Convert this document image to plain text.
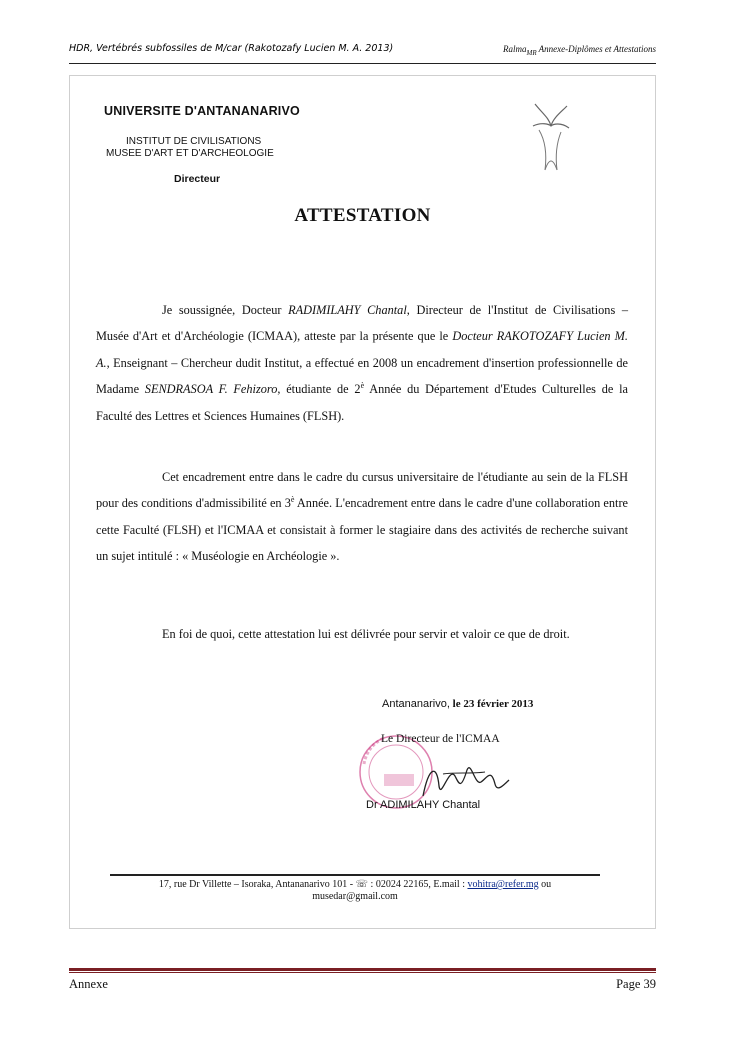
HDR, Vertébrés subfossiles de M/car (Rakotozafy Lucien M. A. 2013)	Ralma$_{MR}$ Annexe-Diplômes et Attestations
UNIVERSITE D'ANTANANARIVO
INSTITUT DE CIVILISATIONS
MUSEE D'ART ET D'ARCHEOLOGIE
Directeur
ATTESTATION

Je soussignée, Docteur RADIMILAHY Chantal, Directeur de l'Institut de Civilisations – Musée d'Art et d'Archéologie (ICMAA), atteste par la présente que le Docteur RAKOTOZAFY Lucien M. A., Enseignant – Chercheur dudit Institut, a effectué en 2008 un encadrement d'insertion professionnelle de Madame SENDRASOA F. Fehizoro, étudiante de $2^è$ Année du Département d'Etudes Culturelles de la Faculté des Lettres et Sciences Humaines (FLSH).

Cet encadrement entre dans le cadre du cursus universitaire de l'étudiante au sein de la FLSH pour des conditions d'admissibilité en $3^è$ Année. L'encadrement entre dans le cadre d'une collaboration entre cette Faculté (FLSH) et l'ICMAA et consistait à former le stagiaire dans des activités de recherche suivant un sujet intitulé : « Muséologie en Archéologie ».

En foi de quoi, cette attestation lui est délivrée pour servir et valoir ce que de droit.

Antananarivo, le 23 février 2013
Le Directeur de l'ICMAA
Dr ADIMILAHY Chantal
17, rue Dr Villette – Isoraka, Antananarivo 101 - ☏ : 02024 22165, E.mail : vohitra@refer.mg ou
musedar@gmail.com
Annexe	Page 39
